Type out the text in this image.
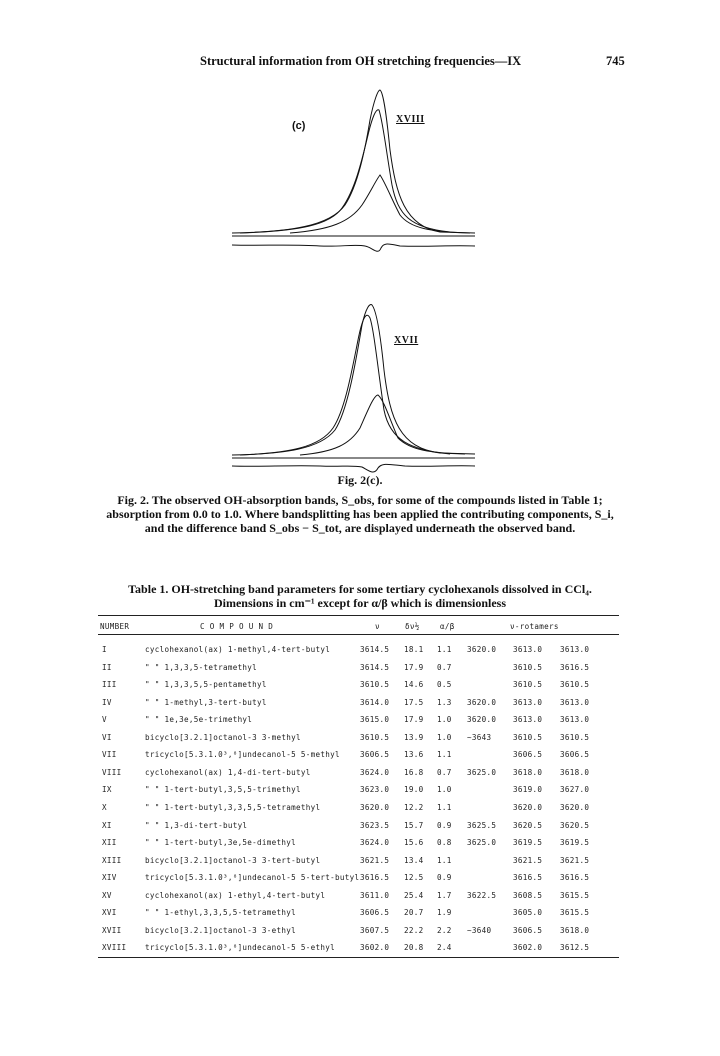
Structural information from OH stretching frequencies—IX	745
(c)
XVIII
XVII
Fig. 2(c).
Fig. 2. The observed OH-absorption bands, S_obs, for some of the compounds listed in Table 1; absorption from 0.0 to 1.0. Where bandsplitting has been applied the contributing components, S_i, and the difference band S_obs − S_tot, are displayed underneath the observed band.
Table 1. OH-stretching band parameters for some tertiary cyclohexanols dissolved in CCl₄. Dimensions in cm⁻¹ except for α/β which is dimensionless
NUMBER	C O M P O U N D	ν	δν½	α/β	ν-rotamers
I	cyclohexanol(ax) 1-methyl,4-tert-butyl	3614.5 18.1 1.1 3620.0 3613.0 3613.0
II	" " 1,3,3,5-tetramethyl	3614.5 17.9 0.7	3610.5 3616.5
III	" " 1,3,3,5,5-pentamethyl	3610.5 14.6 0.5	3610.5 3610.5
IV	" " 1-methyl,3-tert-butyl	3614.0 17.5 1.3 3620.0 3613.0 3613.0
V	" " 1e,3e,5e-trimethyl	3615.0 17.9 1.0 3620.0 3613.0 3613.0
VI	bicyclo[3.2.1]octanol-3 3-methyl	3610.5 13.9 1.0 ~3643	3610.5 3610.5
VII	tricyclo[5.3.1.0³,⁸]undecanol-5 5-methyl	3606.5 13.6 1.1	3606.5 3606.5
VIII	cyclohexanol(ax) 1,4-di-tert-butyl	3624.0 16.8 0.7 3625.0 3618.0 3618.0
IX	" " 1-tert-butyl,3,5,5-trimethyl	3623.0 19.0 1.0	3619.0 3627.0
X	" " 1-tert-butyl,3,3,5,5-tetramethyl	3620.0 12.2 1.1	3620.0 3620.0
XI	" " 1,3-di-tert-butyl	3623.5 15.7 0.9 3625.5 3620.5 3620.5
XII	" " 1-tert-butyl,3e,5e-dimethyl	3624.0 15.6 0.8 3625.0 3619.5 3619.5
XIII	bicyclo[3.2.1]octanol-3 3-tert-butyl	3621.5 13.4 1.1	3621.5 3621.5
XIV	tricyclo[5.3.1.0³,⁸]undecanol-5 5-tert-butyl 3616.5 12.5 0.9	3616.5 3616.5
XV	cyclohexanol(ax) 1-ethyl,4-tert-butyl	3611.0 25.4 1.7 3622.5 3608.5 3615.5
XVI	" " 1-ethyl,3,3,5,5-tetramethyl	3606.5 20.7 1.9	3605.0 3615.5
XVII	bicyclo[3.2.1]octanol-3 3-ethyl	3607.5 22.2 2.2 ~3640	3606.5 3618.0
XVIII tricyclo[5.3.1.0³,⁸]undecanol-5 5-ethyl	3602.0 20.8 2.4	3602.0 3612.5
